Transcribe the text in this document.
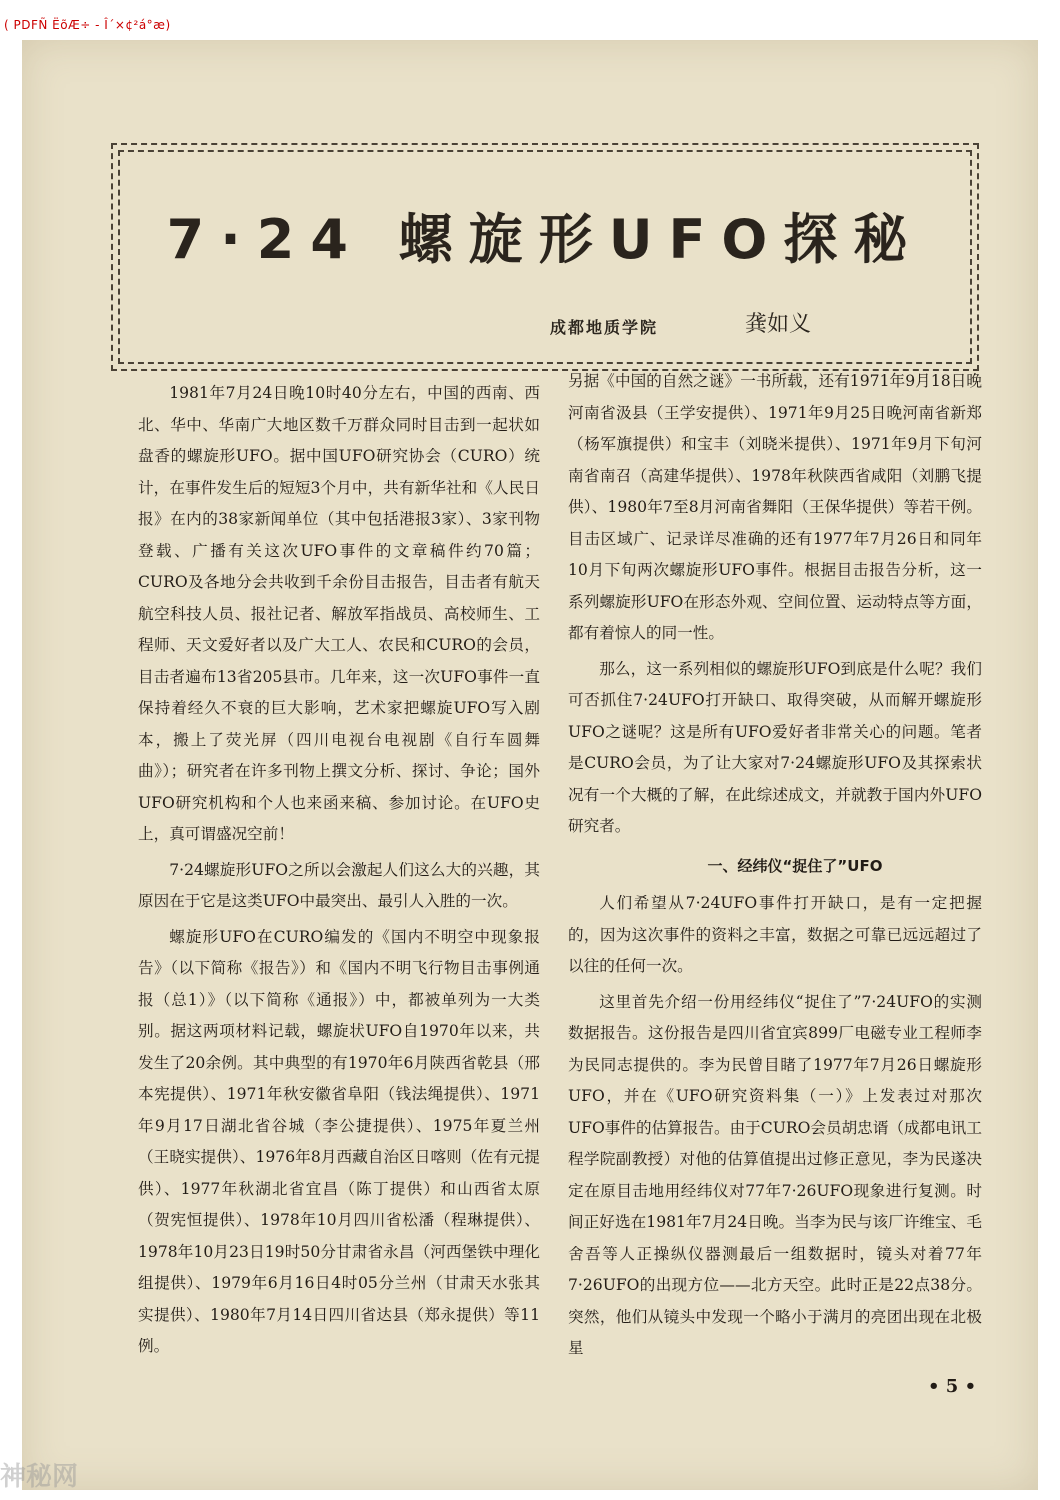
( PDFÑ ËõÆ÷ - Î´×¢²á°æ)
7·24 螺旋形UFO探秘
成都地质学院	龚如义

1981年7月24日晚10时40分左右，中国的西南、西北、华中、华南广大地区数千万群众同时目击到一起状如盘香的螺旋形UFO。据中国UFO研究协会（CURO）统计，在事件发生后的短短3个月中，共有新华社和《人民日报》在内的38家新闻单位（其中包括港报3家）、3家刊物登载、广播有关这次UFO事件的文章稿件约70篇；CURO及各地分会共收到千余份目击报告，目击者有航天航空科技人员、报社记者、解放军指战员、高校师生、工程师、天文爱好者以及广大工人、农民和CURO的会员，目击者遍布13省205县市。几年来，这一次UFO事件一直保持着经久不衰的巨大影响，艺术家把螺旋UFO写入剧本，搬上了荧光屏（四川电视台电视剧《自行车圆舞曲》）；研究者在许多刊物上撰文分析、探讨、争论；国外UFO研究机构和个人也来函来稿、参加讨论。在UFO史上，真可谓盛况空前！

7·24螺旋形UFO之所以会激起人们这么大的兴趣，其原因在于它是这类UFO中最突出、最引人入胜的一次。

螺旋形UFO在CURO编发的《国内不明空中现象报告》（以下简称《报告》）和《国内不明飞行物目击事例通报（总1）》（以下简称《通报》）中，都被单列为一大类别。据这两项材料记载，螺旋状UFO自1970年以来，共发生了20余例。其中典型的有1970年6月陕西省乾县（邢本宪提供）、1971年秋安徽省阜阳（钱法绳提供）、1971年9月17日湖北省谷城（李公捷提供）、1975年夏兰州（王晓实提供）、1976年8月西藏自治区日喀则（佐有元提供）、1977年秋湖北省宜昌（陈丁提供）和山西省太原（贺宪恒提供）、1978年10月四川省松潘（程琳提供）、1978年10月23日19时50分甘肃省永昌（河西堡铁中理化组提供）、1979年6月16日4时05分兰州（甘肃天水张其实提供）、1980年7月14日四川省达县（郑永提供）等11例。

另据《中国的自然之谜》一书所载，还有1971年9月18日晚河南省汲县（王学安提供）、1971年9月25日晚河南省新郑（杨军旗提供）和宝丰（刘晓米提供）、1971年9月下旬河南省南召（高建华提供）、1978年秋陕西省咸阳（刘鹏飞提供）、1980年7至8月河南省舞阳（王保华提供）等若干例。目击区域广、记录详尽准确的还有1977年7月26日和同年10月下旬两次螺旋形UFO事件。根据目击报告分析，这一系列螺旋形UFO在形态外观、空间位置、运动特点等方面，都有着惊人的同一性。

那么，这一系列相似的螺旋形UFO到底是什么呢？我们可否抓住7·24UFO打开缺口、取得突破，从而解开螺旋形UFO之谜呢？这是所有UFO爱好者非常关心的问题。笔者是CURO会员，为了让大家对7·24螺旋形UFO及其探索状况有一个大概的了解，在此综述成文，并就教于国内外UFO研究者。

一、经纬仪“捉住了”UFO

人们希望从7·24UFO事件打开缺口，是有一定把握的，因为这次事件的资料之丰富，数据之可靠已远远超过了以往的任何一次。

这里首先介绍一份用经纬仪“捉住了”7·24UFO的实测数据报告。这份报告是四川省宜宾899厂电磁专业工程师李为民同志提供的。李为民曾目睹了1977年7月26日螺旋形UFO，并在《UFO研究资料集（一）》上发表过对那次UFO事件的估算报告。由于CURO会员胡忠谞（成都电讯工程学院副教授）对他的估算值提出过修正意见，李为民遂决定在原目击地用经纬仪对77年7·26UFO现象进行复测。时间正好选在1981年7月24日晚。当李为民与该厂许维宝、毛舍吾等人正操纵仪器测最后一组数据时，镜头对着77年7·26UFO的出现方位——北方天空。此时正是22点38分。突然，他们从镜头中发现一个略小于满月的亮团出现在北极星

• 5 •
神秘网
